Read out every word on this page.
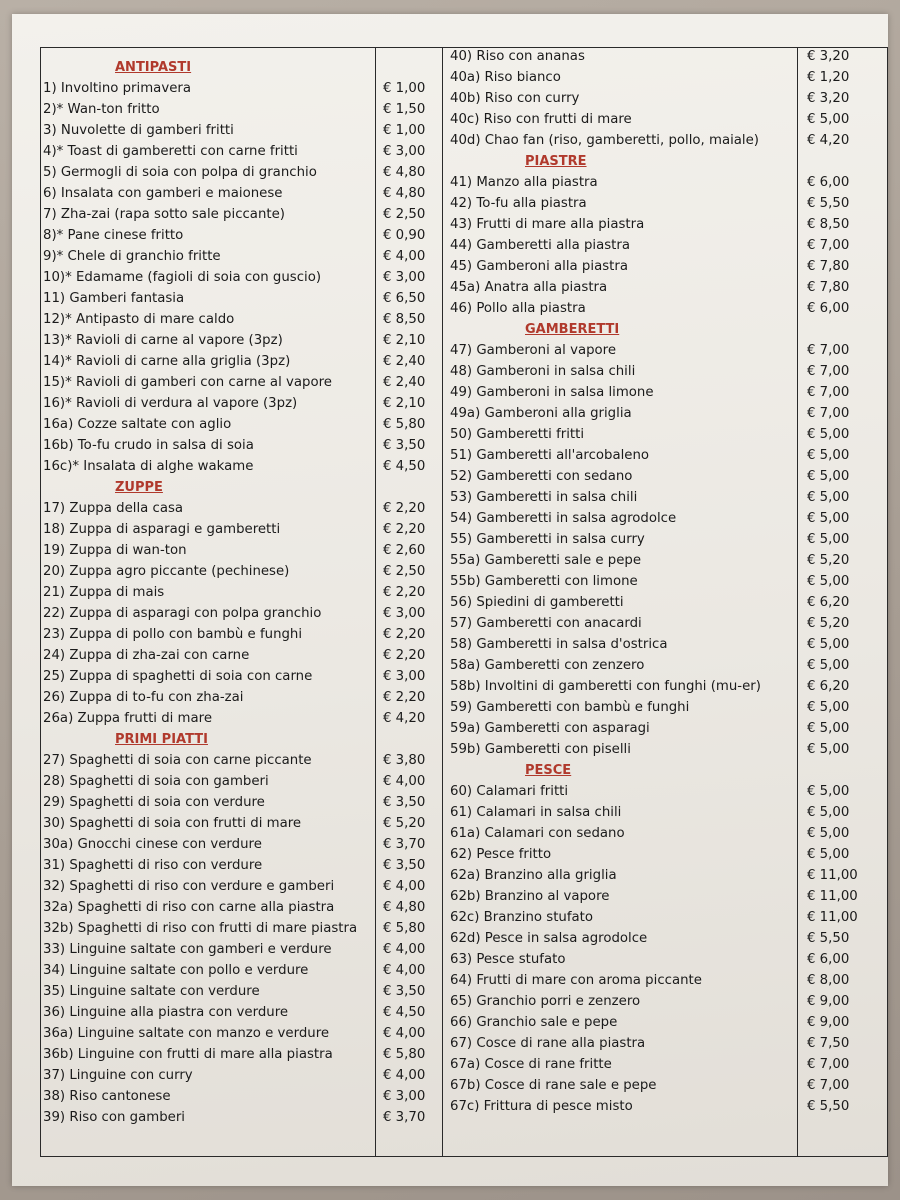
ANTIPASTI
1) Involtino primavera	€ 1,00
2)* Wan-ton fritto	€ 1,50
3) Nuvolette di gamberi fritti	€ 1,00
4)* Toast di gamberetti con carne fritti	€ 3,00
5) Germogli di soia con polpa di granchio	€ 4,80
6) Insalata con gamberi e maionese	€ 4,80
7) Zha-zai (rapa sotto sale piccante)	€ 2,50
8)* Pane cinese fritto	€ 0,90
9)* Chele di granchio fritte	€ 4,00
10)* Edamame (fagioli di soia con guscio)	€ 3,00
11) Gamberi fantasia	€ 6,50
12)* Antipasto di mare caldo	€ 8,50
13)* Ravioli di carne al vapore (3pz)	€ 2,10
14)* Ravioli di carne alla griglia (3pz)	€ 2,40
15)* Ravioli di gamberi con carne al vapore	€ 2,40
16)* Ravioli di verdura al vapore (3pz)	€ 2,10
16a) Cozze saltate con aglio	€ 5,80
16b) To-fu crudo in salsa di soia	€ 3,50
16c)* Insalata di alghe wakame	€ 4,50
ZUPPE
17) Zuppa della casa	€ 2,20
18) Zuppa di asparagi e gamberetti	€ 2,20
19) Zuppa di wan-ton	€ 2,60
20) Zuppa agro piccante (pechinese)	€ 2,50
21) Zuppa di mais	€ 2,20
22) Zuppa di asparagi con polpa granchio	€ 3,00
23) Zuppa di pollo con bambù e funghi	€ 2,20
24) Zuppa di zha-zai con carne	€ 2,20
25) Zuppa di spaghetti di soia con carne	€ 3,00
26) Zuppa di to-fu con zha-zai	€ 2,20
26a) Zuppa frutti di mare	€ 4,20
PRIMI PIATTI
27) Spaghetti di soia con carne piccante	€ 3,80
28) Spaghetti di soia con gamberi	€ 4,00
29) Spaghetti di soia con verdure	€ 3,50
30) Spaghetti di soia con frutti di mare	€ 5,20
30a) Gnocchi cinese con verdure	€ 3,70
31) Spaghetti di riso con verdure	€ 3,50
32) Spaghetti di riso con verdure e gamberi	€ 4,00
32a) Spaghetti di riso con carne alla piastra	€ 4,80
32b) Spaghetti di riso con frutti di mare piastra € 5,80
33) Linguine saltate con gamberi e verdure	€ 4,00
34) Linguine saltate con pollo e verdure	€ 4,00
35) Linguine saltate con verdure	€ 3,50
36) Linguine alla piastra con verdure	€ 4,50
36a) Linguine saltate con manzo e verdure	€ 4,00
36b) Linguine con frutti di mare alla piastra	€ 5,80
37) Linguine con curry	€ 4,00
38) Riso cantonese	€ 3,00
39) Riso con gamberi	€ 3,70
40) Riso con ananas	€ 3,20
40a) Riso bianco	€ 1,20
40b) Riso con curry	€ 3,20
40c) Riso con frutti di mare	€ 5,00
40d) Chao fan (riso, gamberetti, pollo, maiale)	€ 4,20
PIASTRE
41) Manzo alla piastra	€ 6,00
42) To-fu alla piastra	€ 5,50
43) Frutti di mare alla piastra	€ 8,50
44) Gamberetti alla piastra	€ 7,00
45) Gamberoni alla piastra	€ 7,80
45a) Anatra alla piastra	€ 7,80
46) Pollo alla piastra	€ 6,00
GAMBERETTI
47) Gamberoni al vapore	€ 7,00
48) Gamberoni in salsa chili	€ 7,00
49) Gamberoni in salsa limone	€ 7,00
49a) Gamberoni alla griglia	€ 7,00
50) Gamberetti fritti	€ 5,00
51) Gamberetti all'arcobaleno	€ 5,00
52) Gamberetti con sedano	€ 5,00
53) Gamberetti in salsa chili	€ 5,00
54) Gamberetti in salsa agrodolce	€ 5,00
55) Gamberetti in salsa curry	€ 5,00
55a) Gamberetti sale e pepe	€ 5,20
55b) Gamberetti con limone	€ 5,00
56) Spiedini di gamberetti	€ 6,20
57) Gamberetti con anacardi	€ 5,20
58) Gamberetti in salsa d'ostrica	€ 5,00
58a) Gamberetti con zenzero	€ 5,00
58b) Involtini di gamberetti con funghi (mu-er)	€ 6,20
59) Gamberetti con bambù e funghi	€ 5,00
59a) Gamberetti con asparagi	€ 5,00
59b) Gamberetti con piselli	€ 5,00
PESCE
60) Calamari fritti	€ 5,00
61) Calamari in salsa chili	€ 5,00
61a) Calamari con sedano	€ 5,00
62) Pesce fritto	€ 5,00
62a) Branzino alla griglia	€ 11,00
62b) Branzino al vapore	€ 11,00
62c) Branzino stufato	€ 11,00
62d) Pesce in salsa agrodolce	€ 5,50
63) Pesce stufato	€ 6,00
64) Frutti di mare con aroma piccante	€ 8,00
65) Granchio porri e zenzero	€ 9,00
66) Granchio sale e pepe	€ 9,00
67) Cosce di rane alla piastra	€ 7,50
67a) Cosce di rane fritte	€ 7,00
67b) Cosce di rane sale e pepe	€ 7,00
67c) Frittura di pesce misto	€ 5,50
